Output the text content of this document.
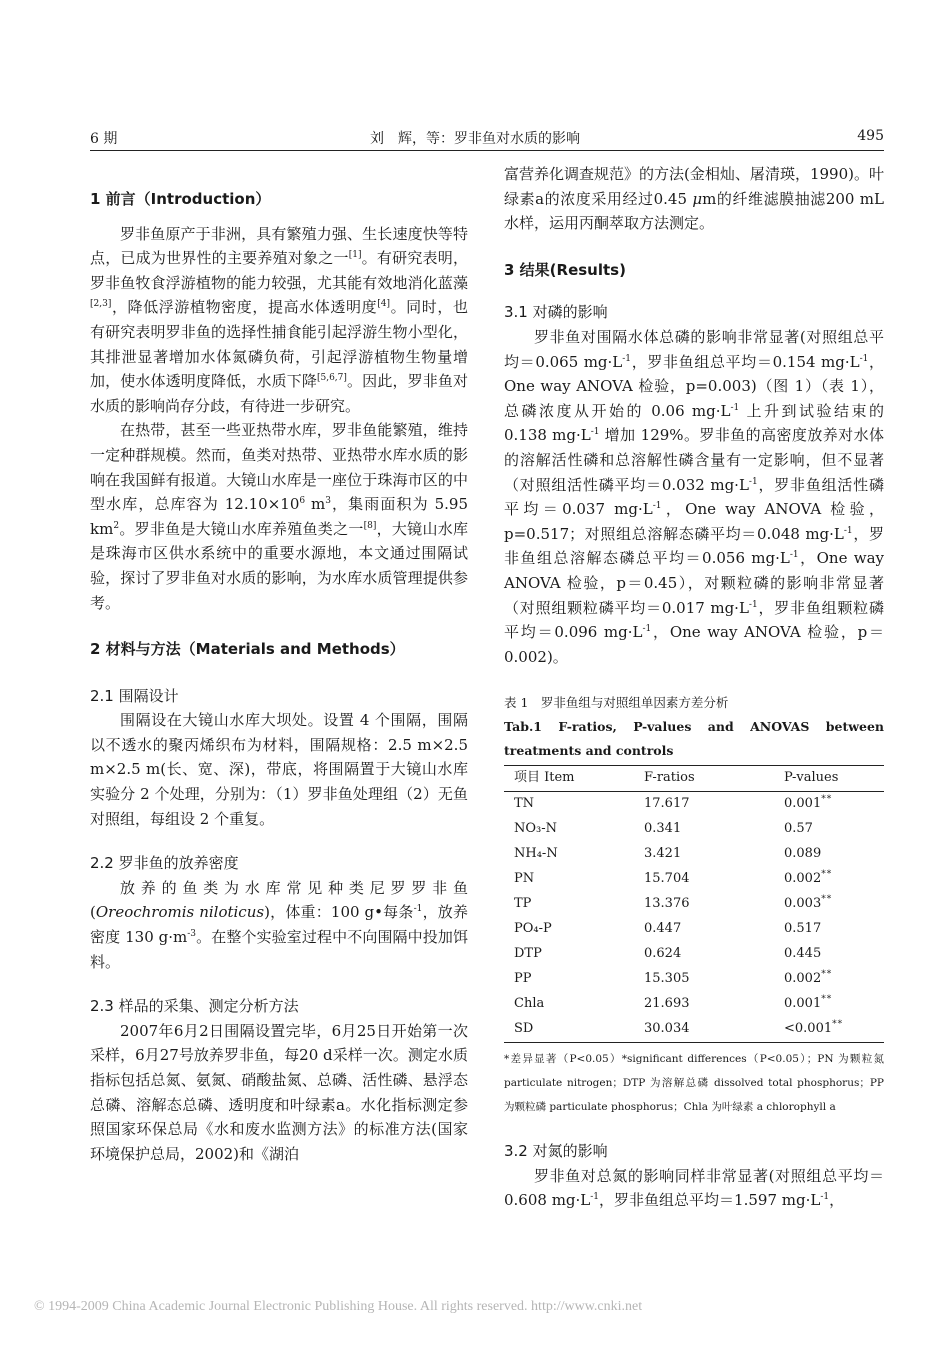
6 期	刘　辉，等：罗非鱼对水质的影响	495

1 前言（Introduction）

罗非鱼原产于非洲，具有繁殖力强、生长速度快等特点，已成为世界性的主要养殖对象之一[1]。有研究表明，罗非鱼牧食浮游植物的能力较强，尤其能有效地消化蓝藻[2,3]，降低浮游植物密度，提高水体透明度[4]。同时，也有研究表明罗非鱼的选择性捕食能引起浮游生物小型化，其排泄显著增加水体氮磷负荷，引起浮游植物生物量增加，使水体透明度降低，水质下降[5,6,7]。因此，罗非鱼对水质的影响尚存分歧，有待进一步研究。

在热带，甚至一些亚热带水库，罗非鱼能繁殖，维持一定种群规模。然而，鱼类对热带、亚热带水库水质的影响在我国鲜有报道。大镜山水库是一座位于珠海市区的中型水库，总库容为 $12.10\times 10^6$ $m^3$，集雨面积为 5.95 $km^2$。罗非鱼是大镜山水库养殖鱼类之一[8]，大镜山水库是珠海市区供水系统中的重要水源地，本文通过围隔试验，探讨了罗非鱼对水质的影响，为水库水质管理提供参考。

2 材料与方法（Materials and Methods）

2.1 围隔设计

围隔设在大镜山水库大坝处。设置 4 个围隔，围隔以不透水的聚丙烯织布为材料，围隔规格：2.5 m×2.5 m×2.5 m(长、宽、深)，带底，将围隔置于大镜山水库实验分 2 个处理，分别为：（1）罗非鱼处理组（2）无鱼对照组，每组设 2 个重复。

2.2 罗非鱼的放养密度

放养的鱼类为水库常见种类尼罗罗非鱼(Oreochromis niloticus)，体重：100 g•每条$^{-1}$，放养密度 130 $g\cdot m^{-3}$。在整个实验室过程中不向围隔中投加饵料。

2.3 样品的采集、测定分析方法

2007年6月2日围隔设置完毕，6月25日开始第一次采样，6月27号放养罗非鱼，每20 d采样一次。测定水质指标包括总氮、氨氮、硝酸盐氮、总磷、活性磷、悬浮态总磷、溶解态总磷、透明度和叶绿素a。水化指标测定参照国家环保总局《水和废水监测方法》的标准方法(国家环境保护总局，2002)和《湖泊

富营养化调查规范》的方法(金相灿、屠清瑛，1990)。叶绿素a的浓度采用经过0.45 μm的纤维滤膜抽滤200 mL水样，运用丙酮萃取方法测定。

3 结果(Results)

3.1 对磷的影响

罗非鱼对围隔水体总磷的影响非常显著(对照组总平均＝0.065 $mg\cdot L^{-1}$，罗非鱼组总平均＝0.154 $mg\cdot L^{-1}$，One way ANOVA 检验，p=0.003)（图 1）（表 1），总磷浓度从开始的 0.06 $mg\cdot L^{-1}$ 上升到试验结束的 0.138 $mg\cdot L^{-1}$ 增加 129%。罗非鱼的高密度放养对水体的溶解活性磷和总溶解性磷含量有一定影响，但不显著（对照组活性磷平均＝0.032 $mg\cdot L^{-1}$，罗非鱼组活性磷平均＝0.037 $mg\cdot L^{-1}$，One way ANOVA 检验，p=0.517；对照组总溶解态磷平均＝0.048 $mg\cdot L^{-1}$，罗非鱼组总溶解态磷总平均＝0.056 $mg\cdot L^{-1}$，One way ANOVA 检验，p＝0.45），对颗粒磷的影响非常显著（对照组颗粒磷平均＝0.017 $mg\cdot L^{-1}$，罗非鱼组颗粒磷平均＝0.096 $mg\cdot L^{-1}$，One way ANOVA 检验，p＝0.002)。

表 1　罗非鱼组与对照组单因素方差分析
Tab.1 F-ratios, P-values and ANOVAS between treatments and controls
项目 Item	F-ratios	P-values
TN	17.617	0.001**
NO₃-N	0.341	0.57
NH₄-N	3.421	0.089
PN	15.704	0.002**
TP	13.376	0.003**
PO₄-P	0.447	0.517
DTP	0.624	0.445
PP	15.305	0.002**
Chla	21.693	0.001**
SD	30.034	<0.001**
*差异显著（P<0.05）*significant differences（P<0.05）；PN 为颗粒氮 particulate nitrogen；DTP 为溶解总磷 dissolved total phosphorus；PP 为颗粒磷 particulate phosphorus；Chla 为叶绿素 a chlorophyll a

3.2 对氮的影响

罗非鱼对总氮的影响同样非常显著(对照组总平均＝0.608 $mg\cdot L^{-1}$，罗非鱼组总平均＝1.597 $mg\cdot L^{-1}$，

© 1994-2009 China Academic Journal Electronic Publishing House. All rights reserved. http://www.cnki.net
